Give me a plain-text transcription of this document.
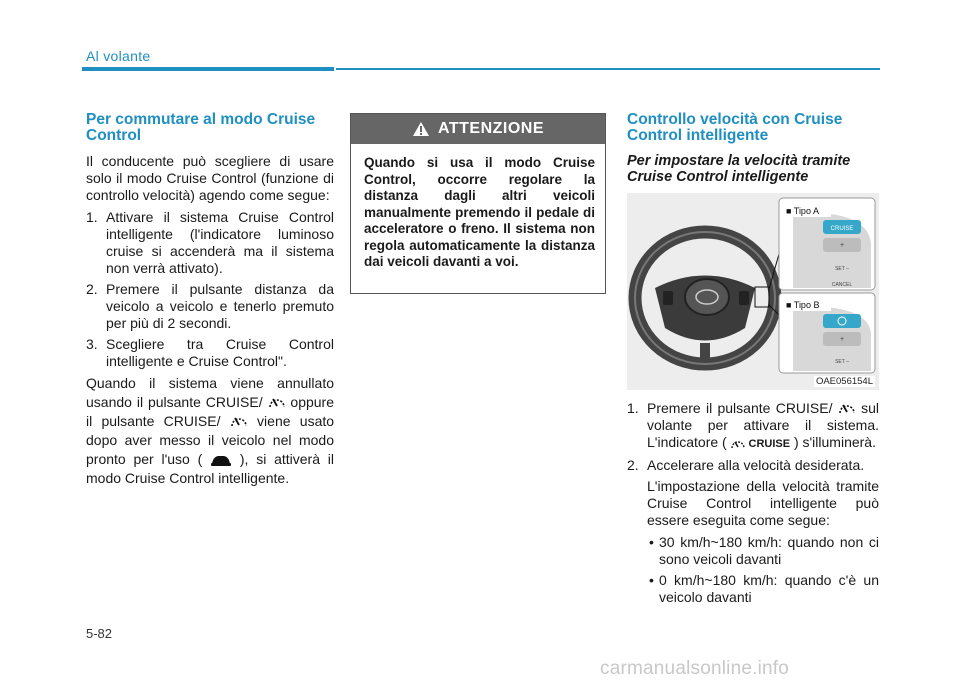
Al volante
Per commutare al modo Cruise Control

Il conducente può scegliere di usare solo il modo Cruise Control (funzione di controllo velocità) agendo come segue:

1. Attivare il sistema Cruise Control intelligente (l'indicatore luminoso cruise si accenderà ma il sistema non verrà attivato).
2. Premere il pulsante distanza da veicolo a veicolo e tenerlo premuto per più di 2 secondi.
3. Scegliere tra Cruise Control intelligente e Cruise Control".

Quando il sistema viene annullato usando il pulsante CRUISE/  oppure il pulsante CRUISE/	viene usato dopo aver messo il veicolo nel modo pronto per l'uso (	), si attiverà il modo Cruise Control intelligente.

ATTENZIONE
Quando si usa il modo Cruise Control, occorre regolare la distanza dagli altri veicoli manualmente premendo il pedale di acceleratore o freno. Il sistema non regola automaticamente la distanza dai veicoli davanti a voi.
Controllo velocità con Cruise Control intelligente
Per impostare la velocità tramite Cruise Control intelligente
CRUISE
+
SET –
CANCEL
■ Tipo A
+
SET –
■ Tipo B
OAE056154L
1. Premere il pulsante CRUISE/  sul volante per attivare il sistema. L'indicatore ( CRUISE ) s'illuminerà.
2. Accelerare alla velocità desiderata.

L'impostazione della velocità tramite Cruise Control intelligente può essere eseguita come segue:

• 30 km/h~180 km/h: quando non ci sono veicoli davanti
• 0 km/h~180 km/h: quando c'è un veicolo davanti
5-82
carmanualsonline.info
